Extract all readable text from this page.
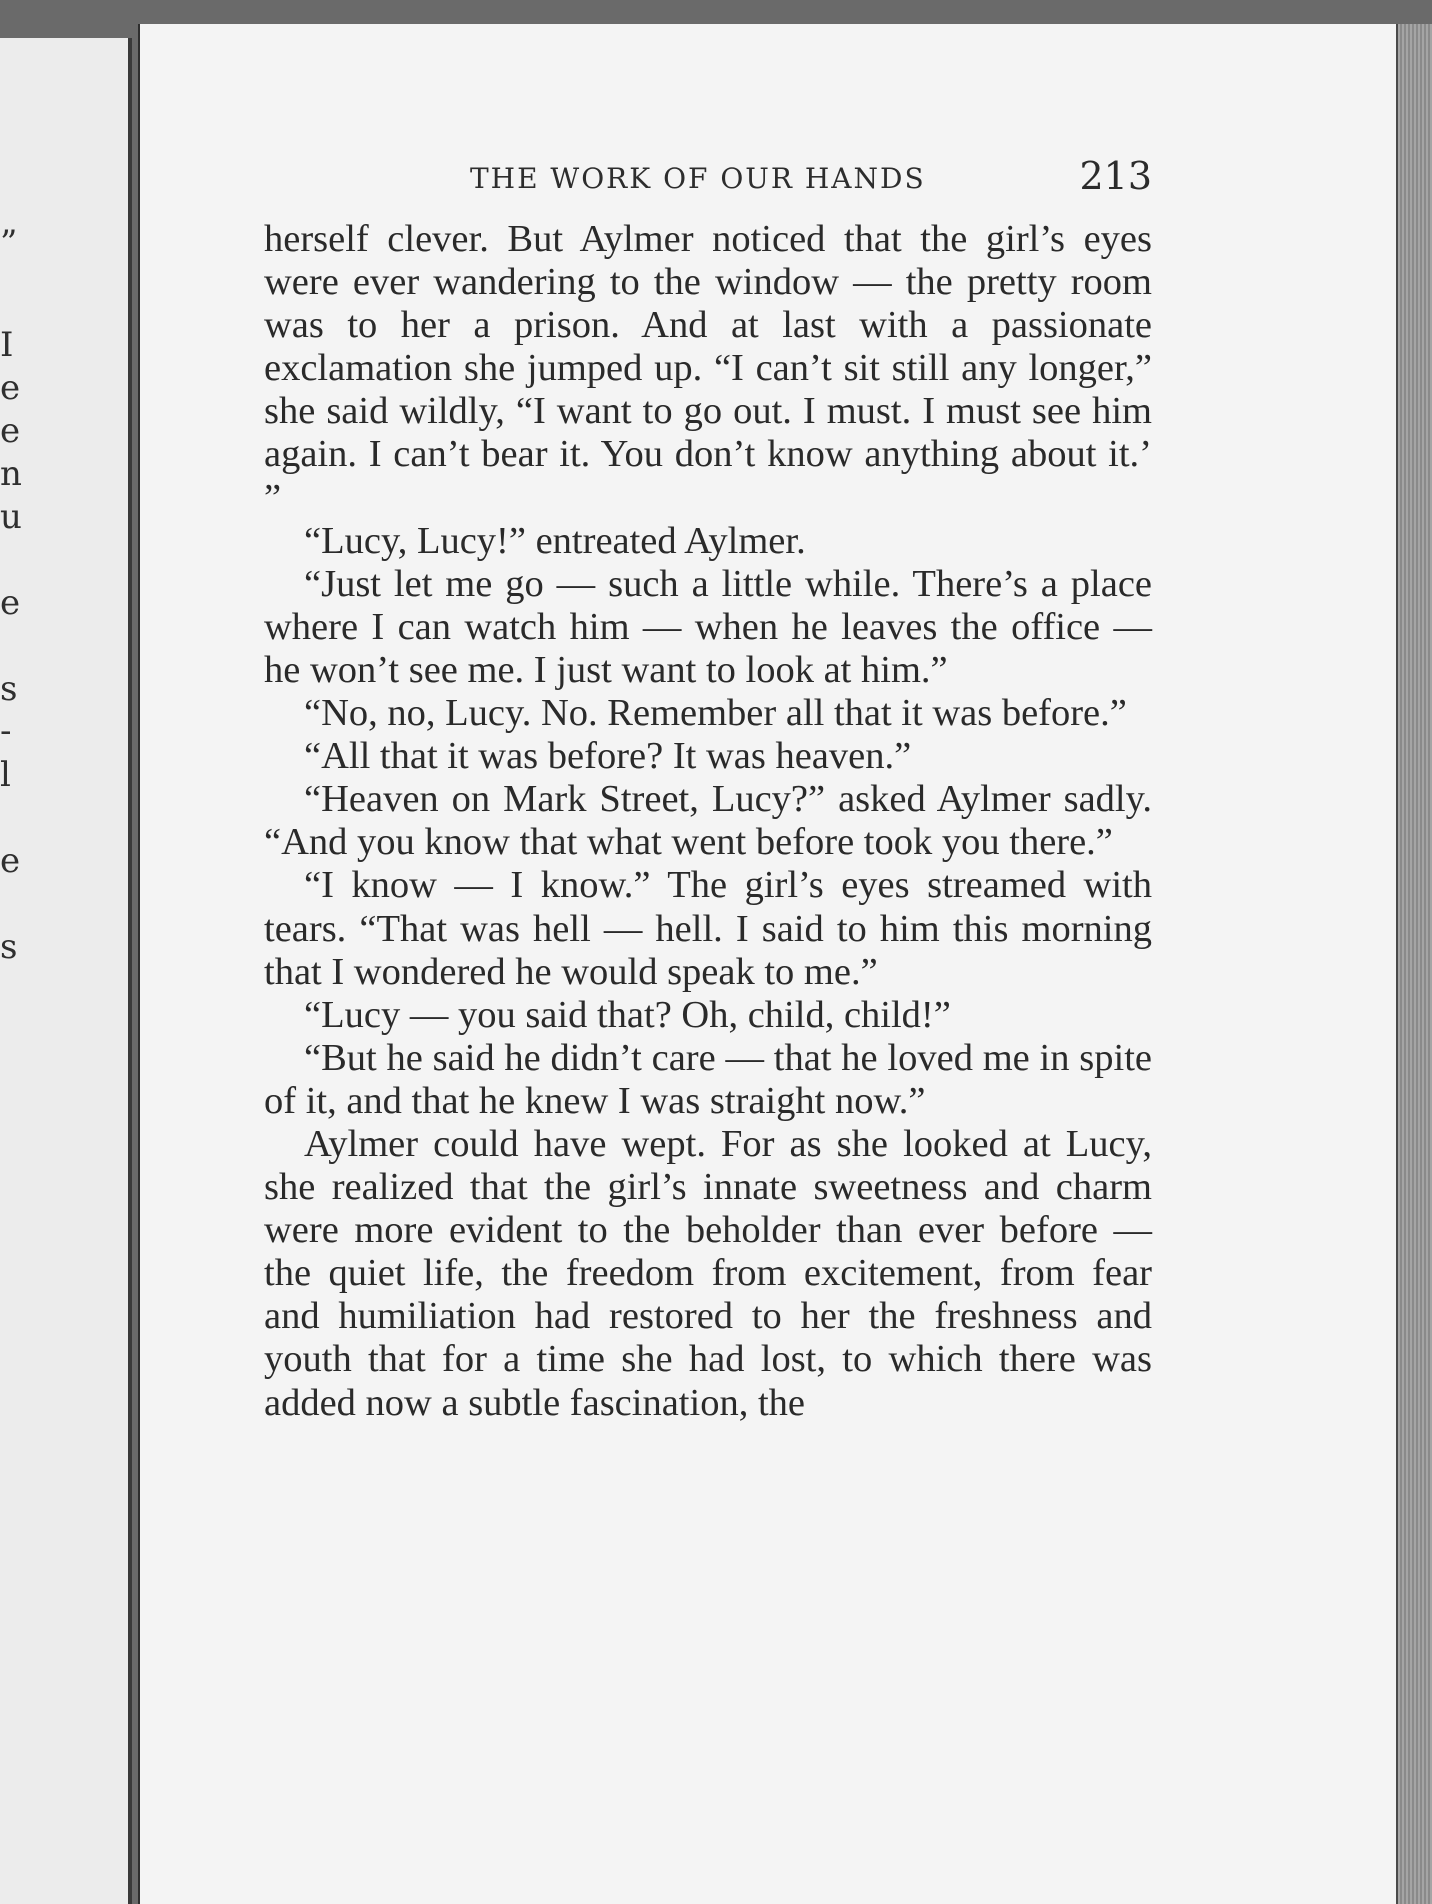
”
I
e
e
n
u
e
s
-
l
e
s
THE WORK OF OUR HANDS	213

herself clever. But Aylmer noticed that the girl’s eyes were ever wandering to the window — the pretty room was to her a prison. And at last with a passionate exclamation she jumped up. “I can’t sit still any longer,” she said wildly, “I want to go out. I must. I must see him again. I can’t bear it. You don’t know anything about it.’ ”

“Lucy, Lucy!” entreated Aylmer.

“Just let me go — such a little while. There’s a place where I can watch him — when he leaves the office — he won’t see me. I just want to look at him.”

“No, no, Lucy. No. Remember all that it was before.”

“All that it was before? It was heaven.”

“Heaven on Mark Street, Lucy?” asked Aylmer sadly. “And you know that what went before took you there.”

“I know — I know.” The girl’s eyes streamed with tears. “That was hell — hell. I said to him this morning that I wondered he would speak to me.”

“Lucy — you said that? Oh, child, child!”

“But he said he didn’t care — that he loved me in spite of it, and that he knew I was straight now.”

Aylmer could have wept. For as she looked at Lucy, she realized that the girl’s innate sweetness and charm were more evident to the beholder than ever before — the quiet life, the freedom from excitement, from fear and humiliation had restored to her the freshness and youth that for a time she had lost, to which there was added now a subtle fascination, the
